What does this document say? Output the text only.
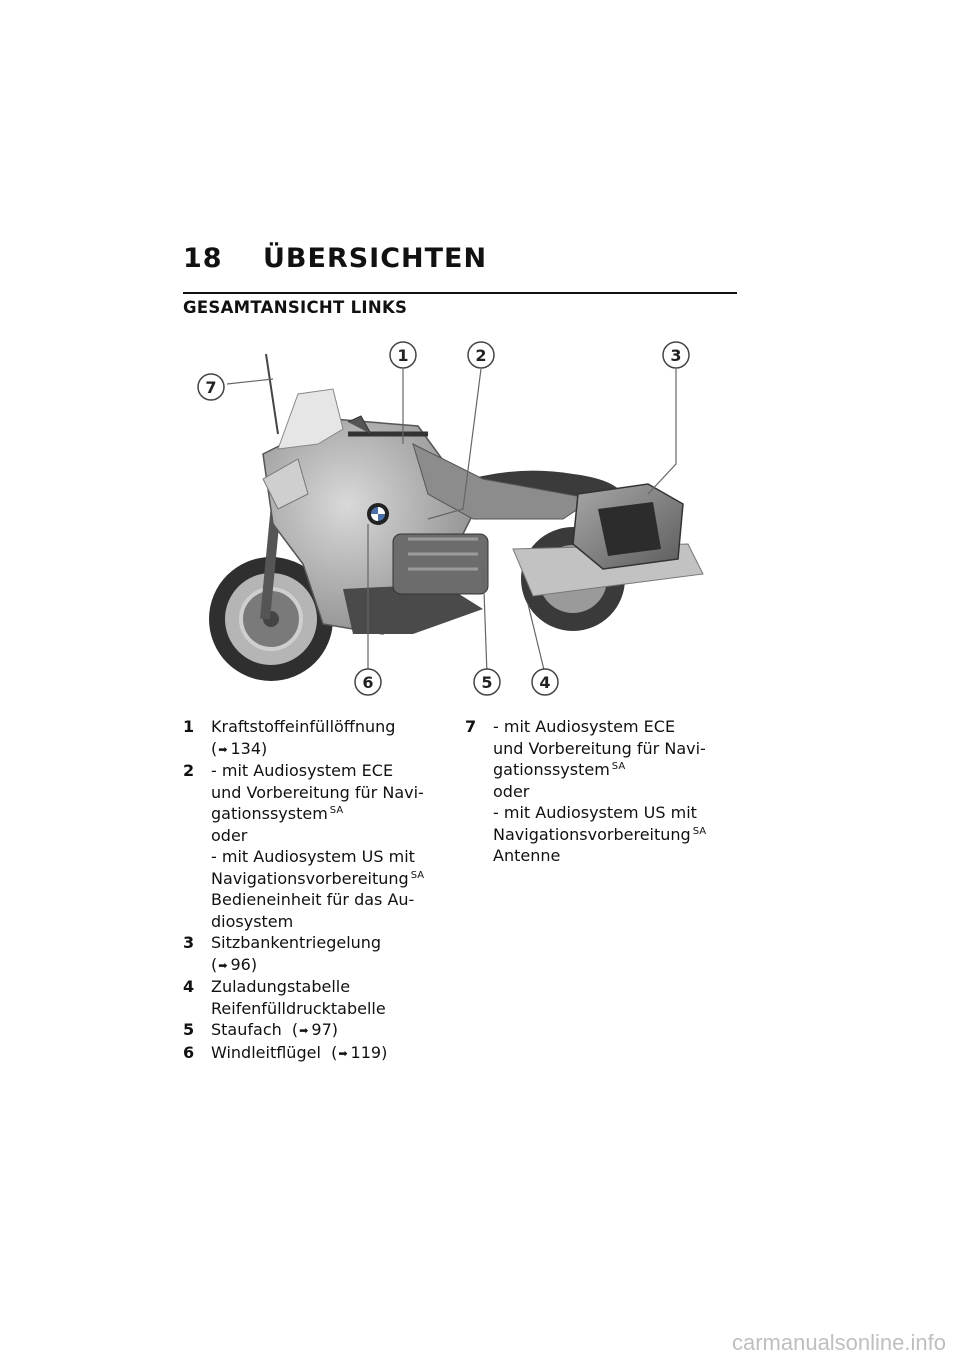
18 ÜBERSICHTEN
GESAMTANSICHT LINKS
1	2	3
4
5
6
7
1	Kraftstoffeinfüllöffnung
(➡ 134)
2	- mit Audiosystem ECE
und Vorbereitung für Navi-
gationssystem $^{SA}$
oder
- mit Audiosystem US mit
Navigationsvorbereitung $^{SA}$
Bedieneinheit für das Au-
diosystem
3	Sitzbankentriegelung
(➡ 96)
4	Zuladungstabelle
Reifenfülldrucktabelle
5	Staufach  (➡ 97)
6	Windleitflügel  (➡ 119)
7	- mit Audiosystem ECE
und Vorbereitung für Navi-
gationssystem $^{SA}$
oder
- mit Audiosystem US mit
Navigationsvorbereitung $^{SA}$
Antenne
carmanualsonline.info
